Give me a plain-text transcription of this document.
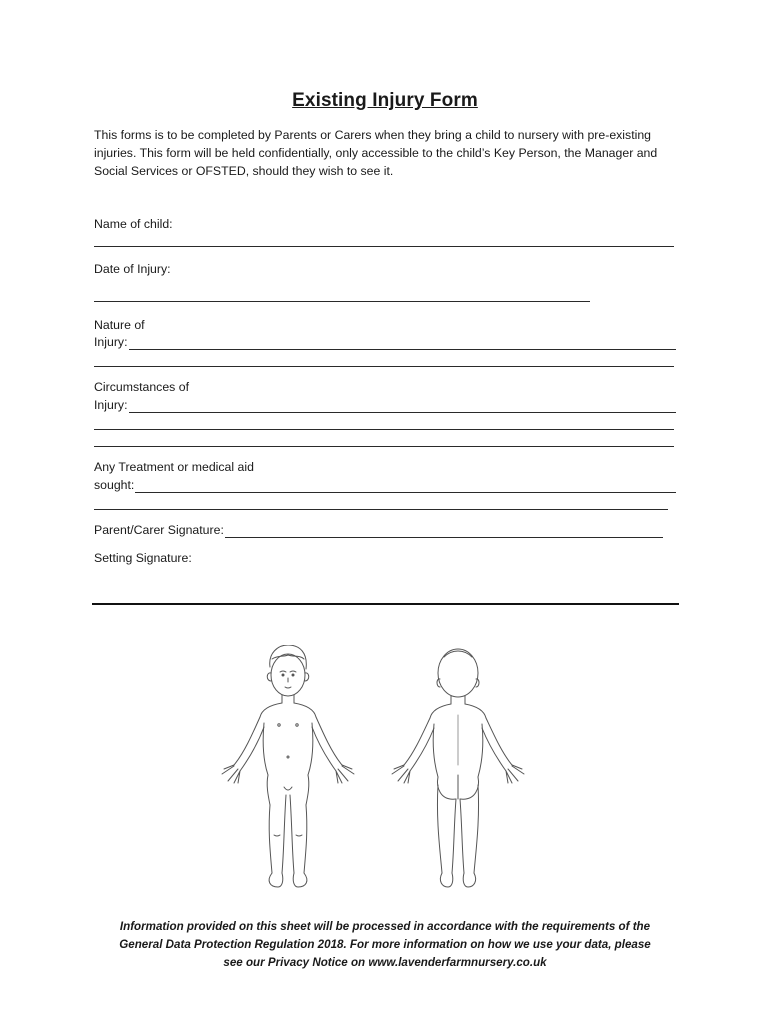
Existing Injury Form
This forms is to be completed by Parents or Carers when they bring a child to nursery with pre-existing injuries. This form will be held confidentially, only accessible to the child’s Key Person, the Manager and Social Services or OFSTED, should they wish to see it.
Name of child:
Date of Injury:
Nature of
Injury:
Circumstances of
Injury:
Any Treatment or medical aid
sought:
Parent/Carer Signature:
Setting Signature:
Information provided on this sheet will be processed in accordance with the requirements of the
General Data Protection Regulation 2018. For more information on how we use your data, please
see our Privacy Notice on www.lavenderfarmnursery.co.uk
